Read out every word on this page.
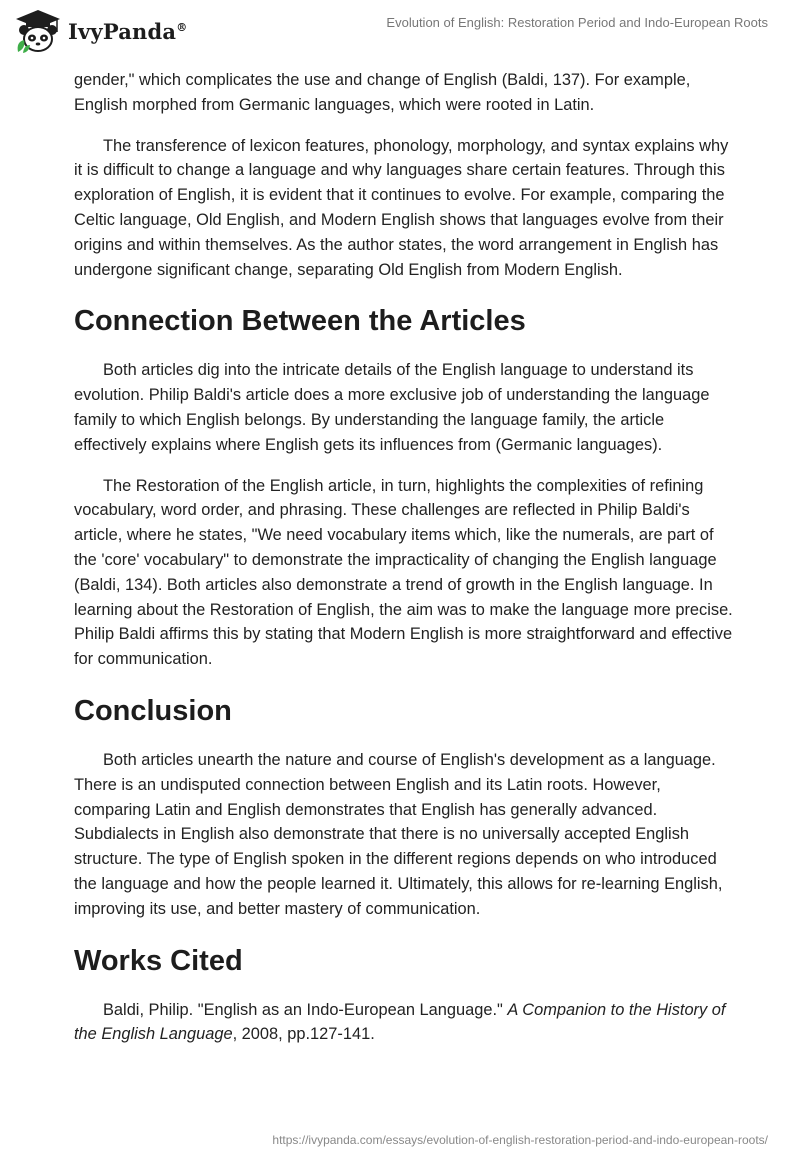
IvyPanda®	Evolution of English: Restoration Period and Indo-European Roots

gender," which complicates the use and change of English (Baldi, 137). For example, English morphed from Germanic languages, which were rooted in Latin.

The transference of lexicon features, phonology, morphology, and syntax explains why it is difficult to change a language and why languages share certain features. Through this exploration of English, it is evident that it continues to evolve. For example, comparing the Celtic language, Old English, and Modern English shows that languages evolve from their origins and within themselves. As the author states, the word arrangement in English has undergone significant change, separating Old English from Modern English.

Connection Between the Articles

Both articles dig into the intricate details of the English language to understand its evolution. Philip Baldi's article does a more exclusive job of understanding the language family to which English belongs. By understanding the language family, the article effectively explains where English gets its influences from (Germanic languages).

The Restoration of the English article, in turn, highlights the complexities of refining vocabulary, word order, and phrasing. These challenges are reflected in Philip Baldi's article, where he states, "We need vocabulary items which, like the numerals, are part of the 'core' vocabulary" to demonstrate the impracticality of changing the English language (Baldi, 134). Both articles also demonstrate a trend of growth in the English language. In learning about the Restoration of English, the aim was to make the language more precise. Philip Baldi affirms this by stating that Modern English is more straightforward and effective for communication.

Conclusion

Both articles unearth the nature and course of English's development as a language. There is an undisputed connection between English and its Latin roots. However, comparing Latin and English demonstrates that English has generally advanced. Subdialects in English also demonstrate that there is no universally accepted English structure. The type of English spoken in the different regions depends on who introduced the language and how the people learned it. Ultimately, this allows for re-learning English, improving its use, and better mastery of communication.

Works Cited

Baldi, Philip. "English as an Indo-European Language." A Companion to the History of the English Language, 2008, pp.127-141.

https://ivypanda.com/essays/evolution-of-english-restoration-period-and-indo-european-roots/
